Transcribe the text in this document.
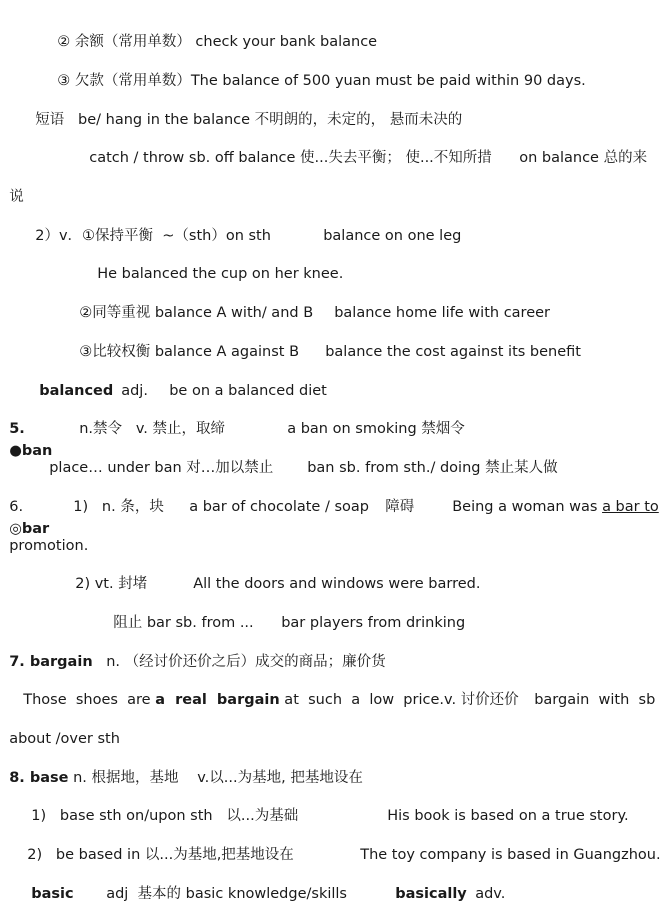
② 余额（常用单数） check your bank balance

③ 欠款（常用单数）The balance of 500 yuan must be paid within 90 days.

短语   be/ hang in the balance 不明朗的，未定的， 悬而未决的

catch / throw sb. off balance 使...失去平衡； 使...不知所措	on balance 总的来

说

2）v．①保持平衡  ~（sth）on sth	balance on one leg

He balanced the cup on her knee.

②同等重视 balance A with/ and B	balance home life with career

③比较权衡 balance A against B	balance the cost against its benefit

balanced adj.	be on a balanced diet

5.
●ban

n.禁令   v. 禁止，取缔	a ban on smoking 禁烟令

place… under ban 对…加以禁止	ban sb. from sth./ doing 禁止某人做

6.
◎bar

1)   n. 条，块	a bar of chocolate / soap	障碍	Being a woman was a bar to

promotion.

2) vt. 封堵	All the doors and windows were barred.

阻止 bar sb. from ...	bar players from drinking

7. bargain n. （经讨价还价之后）成交的商品；廉价货

Those  shoes  are a  real  bargain at  such  a  low  price.v. 讨价还价	bargain  with  sb

about /over sth

8. base n. 根据地，基地	v.以...为基地, 把基地设在

1)   base sth on/upon sth   以...为基础	His book is based on a true story.

2)   be based in 以...为基地,把基地设在	The toy company is based in Guangzhou.

basic	adj  基本的 basic knowledge/skills	basically adv.
